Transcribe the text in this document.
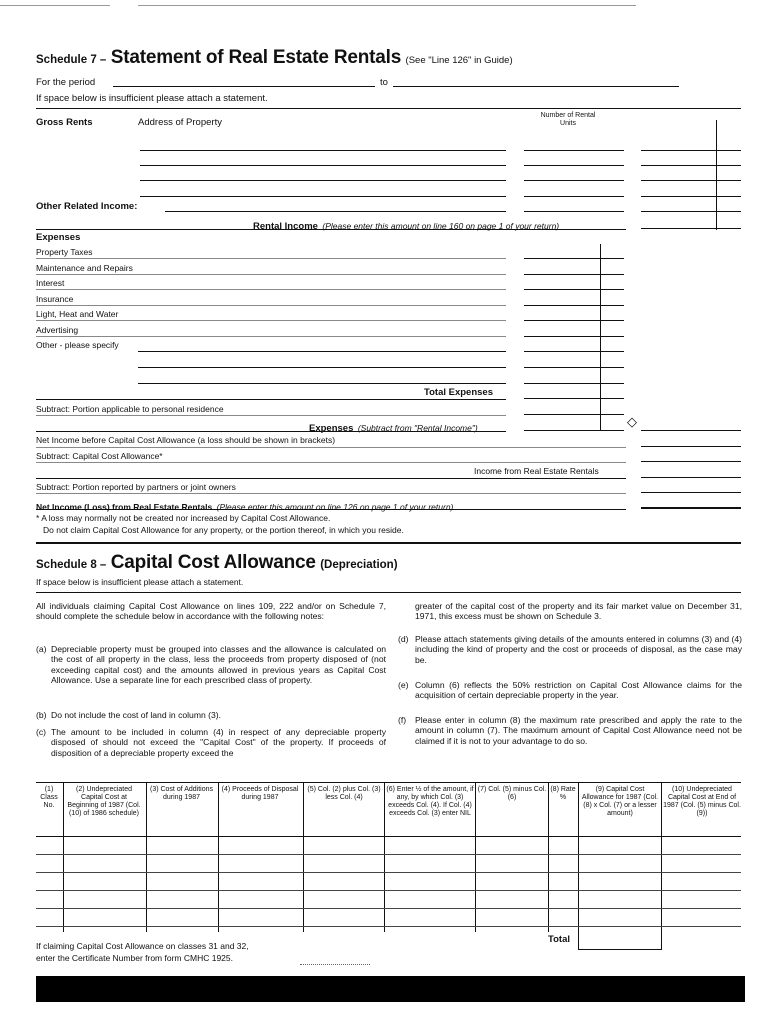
Schedule 7 – Statement of Real Estate Rentals (See "Line 126" in Guide)
For the period	to
If space below is insufficient please attach a statement.
Gross Rents	Address of Property
Number of Rental Units
Other Related Income:
Rental Income (Please enter this amount on line 160 on page 1 of your return)
Expenses
Property Taxes
Maintenance and Repairs
Interest
Insurance
Light, Heat and Water
Advertising
Other - please specify
Total Expenses
Subtract: Portion applicable to personal residence
Expenses (Subtract from "Rental Income")	◇
Net Income before Capital Cost Allowance (a loss should be shown in brackets)
Subtract: Capital Cost Allowance*
Income from Real Estate Rentals
Subtract: Portion reported by partners or joint owners
Net Income (Loss) from Real Estate Rentals (Please enter this amount on line 126 on page 1 of your return)
* A loss may normally not be created nor increased by Capital Cost Allowance.
Do not claim Capital Cost Allowance for any property, or the portion thereof, in which you reside.
Schedule 8 – Capital Cost Allowance (Depreciation)
If space below is insufficient please attach a statement.
All individuals claiming Capital Cost Allowance on lines 109, 222 and/or on Schedule 7, should complete the schedule below in accordance with the following notes:
(a) Depreciable property must be grouped into classes and the allowance is calculated on the cost of all property in the class, less the proceeds from property disposed of (not exceeding capital cost) and the amounts allowed in previous years as Capital Cost Allowance. Use a separate line for each prescribed class of property.
(b) Do not include the cost of land in column (3).
(c) The amount to be included in column (4) in respect of any depreciable property disposed of should not exceed the "Capital Cost" of the property. If proceeds of disposition of a depreciable property exceed the
greater of the capital cost of the property and its fair market value on December 31, 1971, this excess must be shown on Schedule 3.
(d) Please attach statements giving details of the amounts entered in columns (3) and (4) including the kind of property and the cost or proceeds of disposal, as the case may be.
(e) Column (6) reflects the 50% restriction on Capital Cost Allowance claims for the acquisition of certain depreciable property in the year.
(f)	Please enter in column (8) the maximum rate prescribed and apply the rate to the amount in column (7). The maximum amount of Capital Cost Allowance need not be claimed if it is not to your advantage to do so.
(1) Class No.
(2) Undepreciated Capital Cost at Beginning of 1987 (Col. (10) of 1986 schedule)
(3) Cost of Additions during 1987
(4) Proceeds of Disposal during 1987
(5) Col. (2) plus Col. (3) less Col. (4)
(6) Enter ½ of the amount, if any, by which Col. (3) exceeds Col. (4). If Col. (4) exceeds Col. (3) enter NIL
(7) Col. (5) minus Col. (6)
(8) Rate %
(9) Capital Cost Allowance for 1987 (Col. (8) x Col. (7) or a lesser amount)
(10) Undepreciated Capital Cost at End of 1987 (Col. (5) minus Col. (9))
Total
If claiming Capital Cost Allowance on classes 31 and 32,
enter the Certificate Number from form CMHC 1925.
